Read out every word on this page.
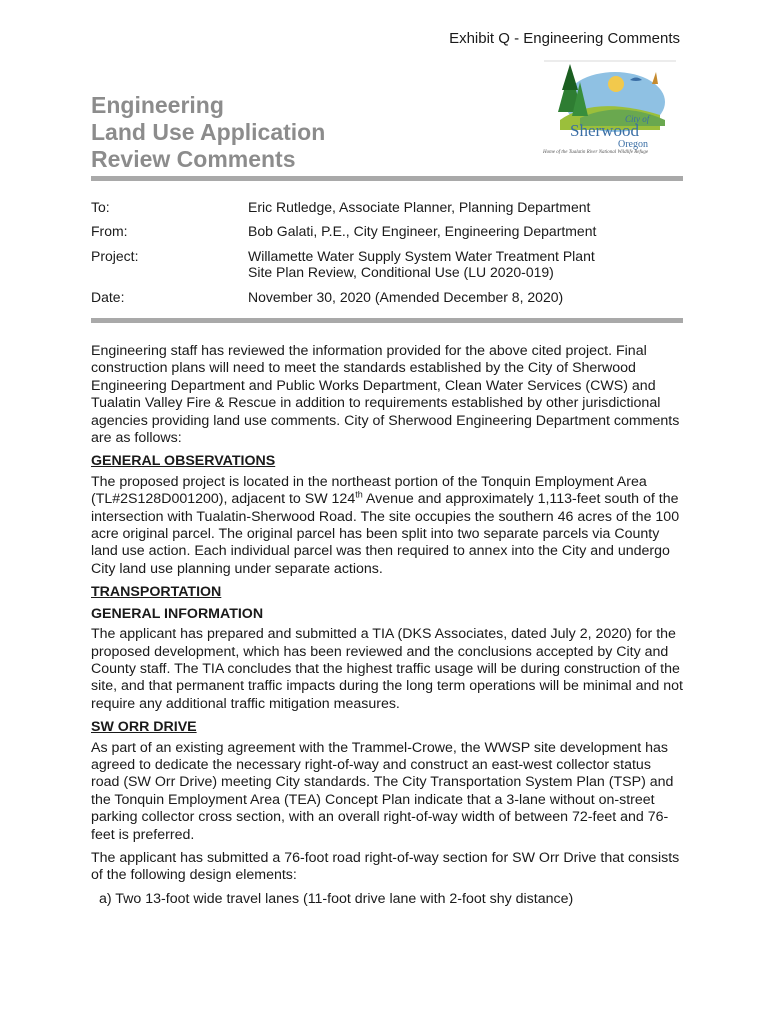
Exhibit Q - Engineering Comments
City of
Sherwood
Oregon
Home of the Tualatin River National Wildlife Refuge
Engineering
Land Use Application
Review Comments
To:	Eric Rutledge, Associate Planner, Planning Department
From:	Bob Galati, P.E., City Engineer, Engineering Department
Project:	Willamette Water Supply System Water Treatment Plant
Site Plan Review, Conditional Use (LU 2020-019)
Date:	November 30, 2020 (Amended December 8, 2020)

Engineering staff has reviewed the information provided for the above cited project. Final construction plans will need to meet the standards established by the City of Sherwood Engineering Department and Public Works Department, Clean Water Services (CWS) and Tualatin Valley Fire & Rescue in addition to requirements established by other jurisdictional agencies providing land use comments. City of Sherwood Engineering Department comments are as follows:

GENERAL OBSERVATIONS

The proposed project is located in the northeast portion of the Tonquin Employment Area (TL#2S128D001200), adjacent to SW 124th Avenue and approximately 1,113-feet south of the intersection with Tualatin-Sherwood Road. The site occupies the southern 46 acres of the 100 acre original parcel. The original parcel has been split into two separate parcels via County land use action. Each individual parcel was then required to annex into the City and undergo City land use planning under separate actions.

TRANSPORTATION
GENERAL INFORMATION

The applicant has prepared and submitted a TIA (DKS Associates, dated July 2, 2020) for the proposed development, which has been reviewed and the conclusions accepted by City and County staff. The TIA concludes that the highest traffic usage will be during construction of the site, and that permanent traffic impacts during the long term operations will be minimal and not require any additional traffic mitigation measures.

SW ORR DRIVE

As part of an existing agreement with the Trammel-Crowe, the WWSP site development has agreed to dedicate the necessary right-of-way and construct an east-west collector status road (SW Orr Drive) meeting City standards. The City Transportation System Plan (TSP) and the Tonquin Employment Area (TEA) Concept Plan indicate that a 3-lane without on-street parking collector cross section, with an overall right-of-way width of between 72-feet and 76-feet is preferred.

The applicant has submitted a 76-foot road right-of-way section for SW Orr Drive that consists of the following design elements:

a) Two 13-foot wide travel lanes (11-foot drive lane with 2-foot shy distance)
